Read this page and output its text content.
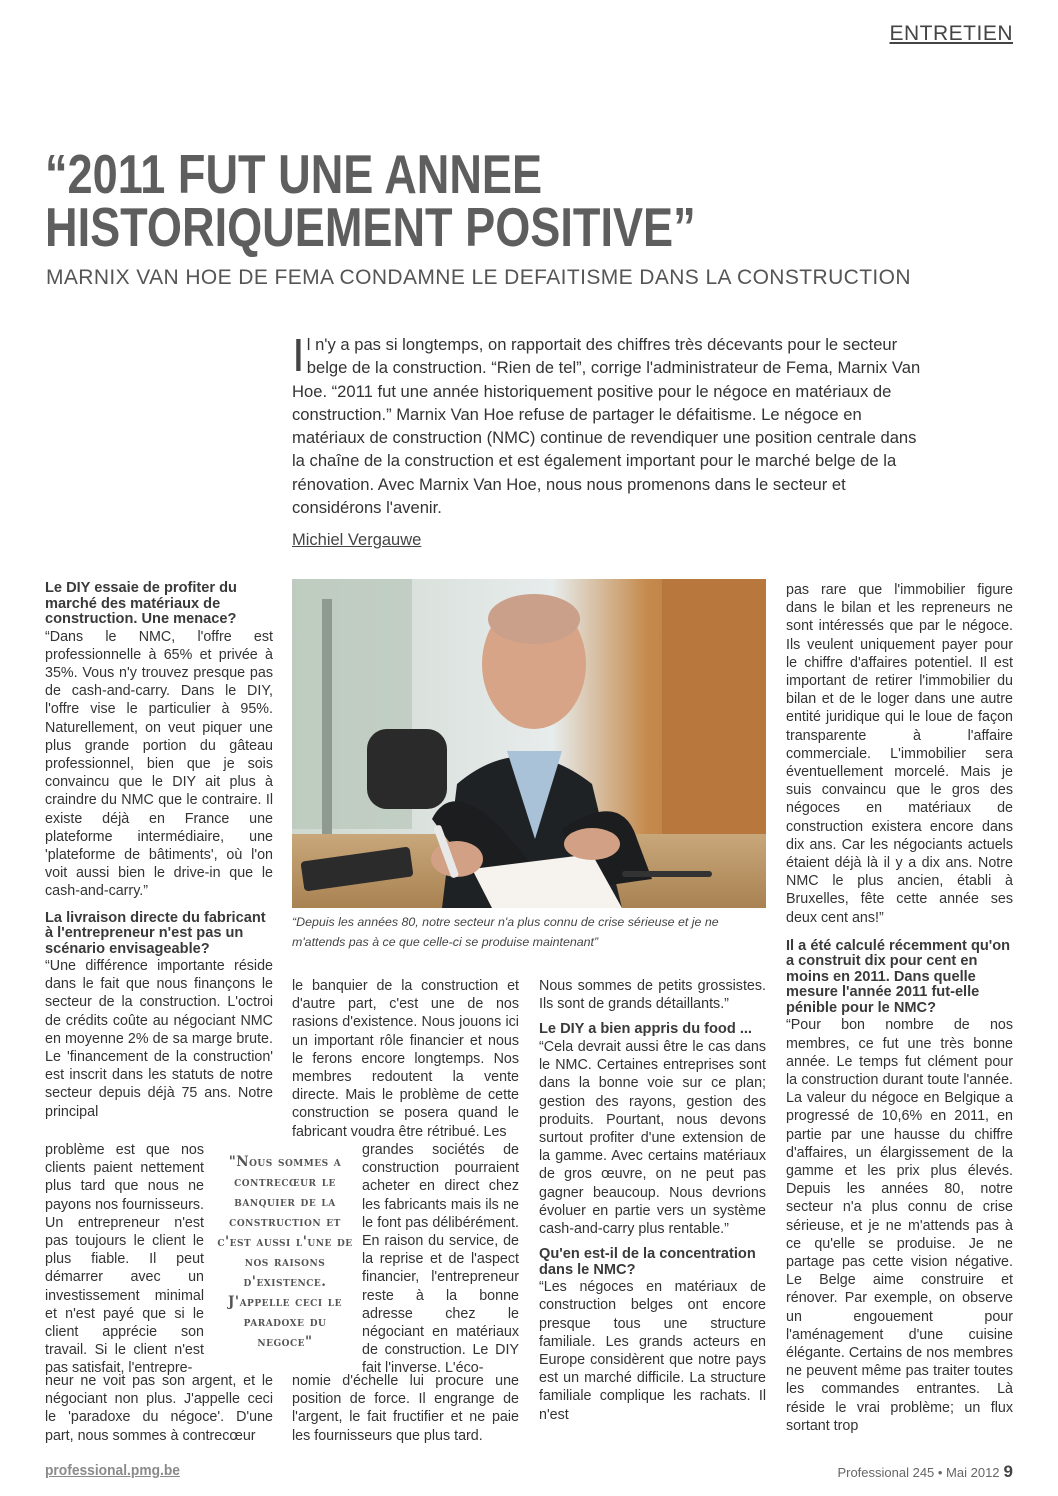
ENTRETIEN
“2011 FUT UNE ANNEE
HISTORIQUEMENT POSITIVE”
MARNIX VAN HOE DE FEMA CONDAMNE LE DEFAITISME DANS LA CONSTRUCTION
Il n'y a pas si longtemps, on rapportait des chiffres très décevants pour le secteur belge de la construction. “Rien de tel”, corrige l'administrateur de Fema, Marnix Van Hoe. “2011 fut une année historiquement positive pour le négoce en matériaux de construction.” Marnix Van Hoe refuse de partager le défaitisme. Le négoce en matériaux de construction (NMC) continue de revendiquer une position centrale dans la chaîne de la construction et est également important pour le marché belge de la rénovation. Avec Marnix Van Hoe, nous nous promenons dans le secteur et considérons l'avenir.
Michiel Vergauwe

Le DIY essaie de profiter du marché des matériaux de construction. Une menace?

“Dans le NMC, l'offre est professionnelle à 65% et privée à 35%. Vous n'y trouvez presque pas de cash-and-carry. Dans le DIY, l'offre vise le particulier à 95%. Naturellement, on veut piquer une plus grande portion du gâteau professionnel, bien que je sois convaincu que le DIY ait plus à craindre du NMC que le contraire. Il existe déjà en France une plateforme intermédiaire, une 'plateforme de bâtiments', où l'on voit aussi bien le drive-in que le cash-and-carry.”

La livraison directe du fabricant à l'entrepreneur n'est pas un scénario envisageable?

“Une différence importante réside dans le fait que nous finançons le secteur de la construction. L'octroi de crédits coûte au négociant NMC en moyenne 2% de sa marge brute. Le 'financement de la construction' est inscrit dans les statuts de notre secteur depuis déjà 75 ans. Notre principal

problème est que nos clients paient nettement plus tard que nous ne payons nos fournisseurs. Un entrepreneur n'est pas toujours le client le plus fiable. Il peut démarrer avec un investissement minimal et n'est payé que si le client apprécie son travail. Si le client n'est pas satisfait, l'entrepre-

neur ne voit pas son argent, et le négociant non plus. J'appelle ceci le 'paradoxe du négoce'. D'une part, nous sommes à contrecœur

“Depuis les années 80, notre secteur n'a plus connu de crise sérieuse et je ne m'attends pas à ce que celle-ci se produise maintenant”

le banquier de la construction et d'autre part, c'est une de nos rasions d'existence. Nous jouons ici un important rôle financier et nous le ferons encore longtemps. Nos membres redoutent la vente directe. Mais le problème de cette construction se posera quand le fabricant voudra être rétribué. Les

grandes sociétés de construction pourraient acheter en direct chez les fabricants mais ils ne le font pas délibérément. En raison du service, de la reprise et de l'aspect financier, l'entrepreneur reste à la bonne adresse chez le négociant en matériaux de construction. Le DIY fait l'inverse. L'éco-

nomie d'échelle lui procure une position de force. Il engrange de l'argent, le fait fructifier et ne paie les fournisseurs que plus tard.

"Nous sommes a contrecœur le banquier de la construction et c'est aussi l'une de nos raisons d'existence. J'appelle ceci le paradoxe du negoce"

Nous sommes de petits grossistes. Ils sont de grands détaillants.”

Le DIY a bien appris du food ...

“Cela devrait aussi être le cas dans le NMC. Certaines entreprises sont dans la bonne voie sur ce plan; gestion des rayons, gestion des produits. Pourtant, nous devons surtout profiter d'une extension de la gamme. Avec certains matériaux de gros œuvre, on ne peut pas gagner beaucoup. Nous devrions évoluer en partie vers un système cash-and-carry plus rentable.”

Qu'en est-il de la concentration dans le NMC?

“Les négoces en matériaux de construction belges ont encore presque tous une structure familiale. Les grands acteurs en Europe considèrent que notre pays est un marché difficile. La structure familiale complique les rachats. Il n'est

pas rare que l'immobilier figure dans le bilan et les repreneurs ne sont intéressés que par le négoce. Ils veulent uniquement payer pour le chiffre d'affaires potentiel. Il est important de retirer l'immobilier du bilan et de le loger dans une autre entité juridique qui le loue de façon transparente à l'affaire commerciale. L'immobilier sera éventuellement morcelé. Mais je suis convaincu que le gros des négoces en matériaux de construction existera encore dans dix ans. Car les négociants actuels étaient déjà là il y a dix ans. Notre NMC le plus ancien, établi à Bruxelles, fête cette année ses deux cent ans!”

Il a été calculé récemment qu'on a construit dix pour cent en moins en 2011. Dans quelle mesure l'année 2011 fut-elle pénible pour le NMC?

“Pour bon nombre de nos membres, ce fut une très bonne année. Le temps fut clément pour la construction durant toute l'année. La valeur du négoce en Belgique a progressé de 10,6% en 2011, en partie par une hausse du chiffre d'affaires, un élargissement de la gamme et les prix plus élevés. Depuis les années 80, notre secteur n'a plus connu de crise sérieuse, et je ne m'attends pas à ce qu'elle se produise. Je ne partage pas cette vision négative. Le Belge aime construire et rénover. Par exemple, on observe un engouement pour l'aménagement d'une cuisine élégante. Certains de nos membres ne peuvent même pas traiter toutes les commandes entrantes. Là réside le vrai problème; un flux sortant trop

professional.pmg.be	Professional 245 • Mai 2012 9
